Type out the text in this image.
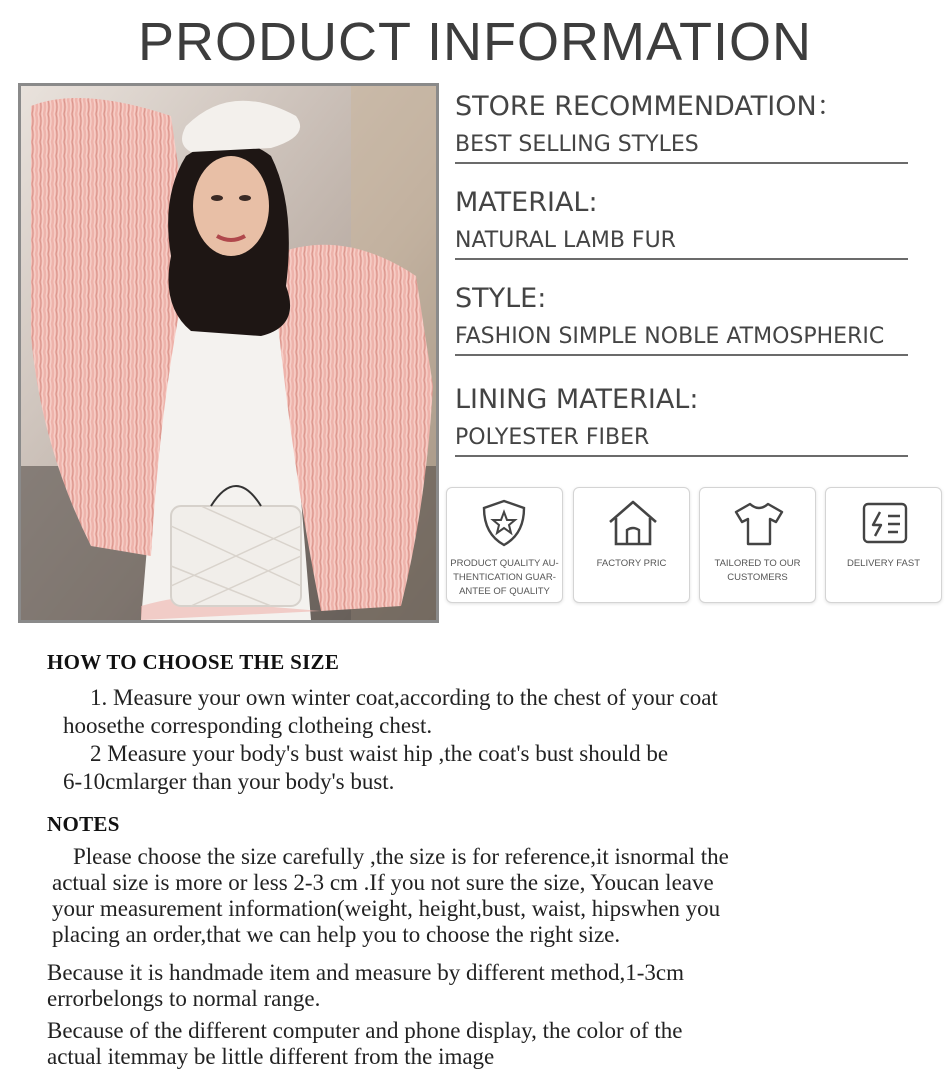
PRODUCT INFORMATION
STORE RECOMMENDATION：
BEST SELLING STYLES
MATERIAL:
NATURAL LAMB FUR
STYLE:
FASHION SIMPLE NOBLE ATMOSPHERIC
LINING MATERIAL:
POLYESTER FIBER
PRODUCT QUALITY AU-
THENTICATION GUAR-
ANTEE OF QUALITY
FACTORY PRIC	TAILORED TO OUR
CUSTOMERS
DELIVERY FAST
HOW TO CHOOSE THE SIZE

1. Measure your own winter coat,according to the chest of your coat

hoosethe corresponding clotheing chest.

2 Measure your body's bust waist hip ,the coat's bust should be

6-10cmlarger than your body's bust.

NOTES

Please choose the size carefully ,the size is for reference,it isnormal the

actual size is more or less 2-3 cm .If you not sure the size, Youcan leave

your measurement information(weight, height,bust, waist, hipswhen you

placing an order,that we can help you to choose the right size.

Because it is handmade item and measure by different method,1-3cm

errorbelongs to normal range.

Because of the different computer and phone display, the color of the

actual itemmay be little different from the image
